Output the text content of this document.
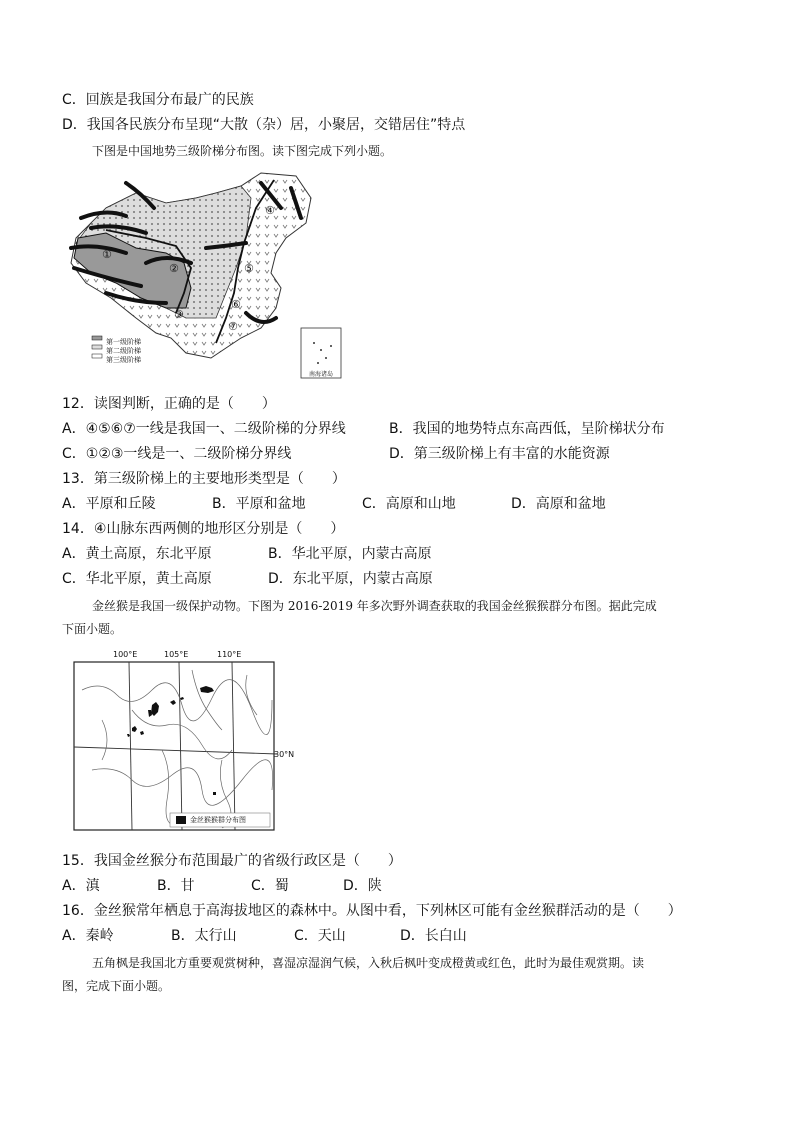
C．回族是我国分布最广的民族
D．我国各民族分布呈现“大散（杂）居，小聚居，交错居住”特点
下图是中国地势三级阶梯分布图。读下图完成下列小题。
①
②
③
④
⑤
⑦
⑥
第一级阶梯
第二级阶梯
第三级阶梯
南海诸岛
12．读图判断，正确的是（　　）
A．④⑤⑥⑦一线是我国一、二级阶梯的分界线	B．我国的地势特点东高西低，呈阶梯状分布
C．①②③一线是一、二级阶梯分界线	D．第三级阶梯上有丰富的水能资源
13．第三级阶梯上的主要地形类型是（　　）
A．平原和丘陵	B．平原和盆地	C．高原和山地	D．高原和盆地
14．④山脉东西两侧的地形区分别是（　　）
A．黄土高原，东北平原	B．华北平原，内蒙古高原
C．华北平原，黄土高原	D．东北平原，内蒙古高原
金丝猴是我国一级保护动物。下图为 2016-2019 年多次野外调查获取的我国金丝猴猴群分布图。据此完成
下面小题。
100°E	105°E	110°E
30°N
金丝猴猴群分布图
15．我国金丝猴分布范围最广的省级行政区是（　　）
A．滇	B．甘	C．蜀	D．陕
16．金丝猴常年栖息于高海拔地区的森林中。从图中看，下列林区可能有金丝猴群活动的是（　　）
A．秦岭	B．太行山	C．天山	D．长白山
五角枫是我国北方重要观赏树种，喜湿凉湿润气候，入秋后枫叶变成橙黄或红色，此时为最佳观赏期。读
图，完成下面小题。
